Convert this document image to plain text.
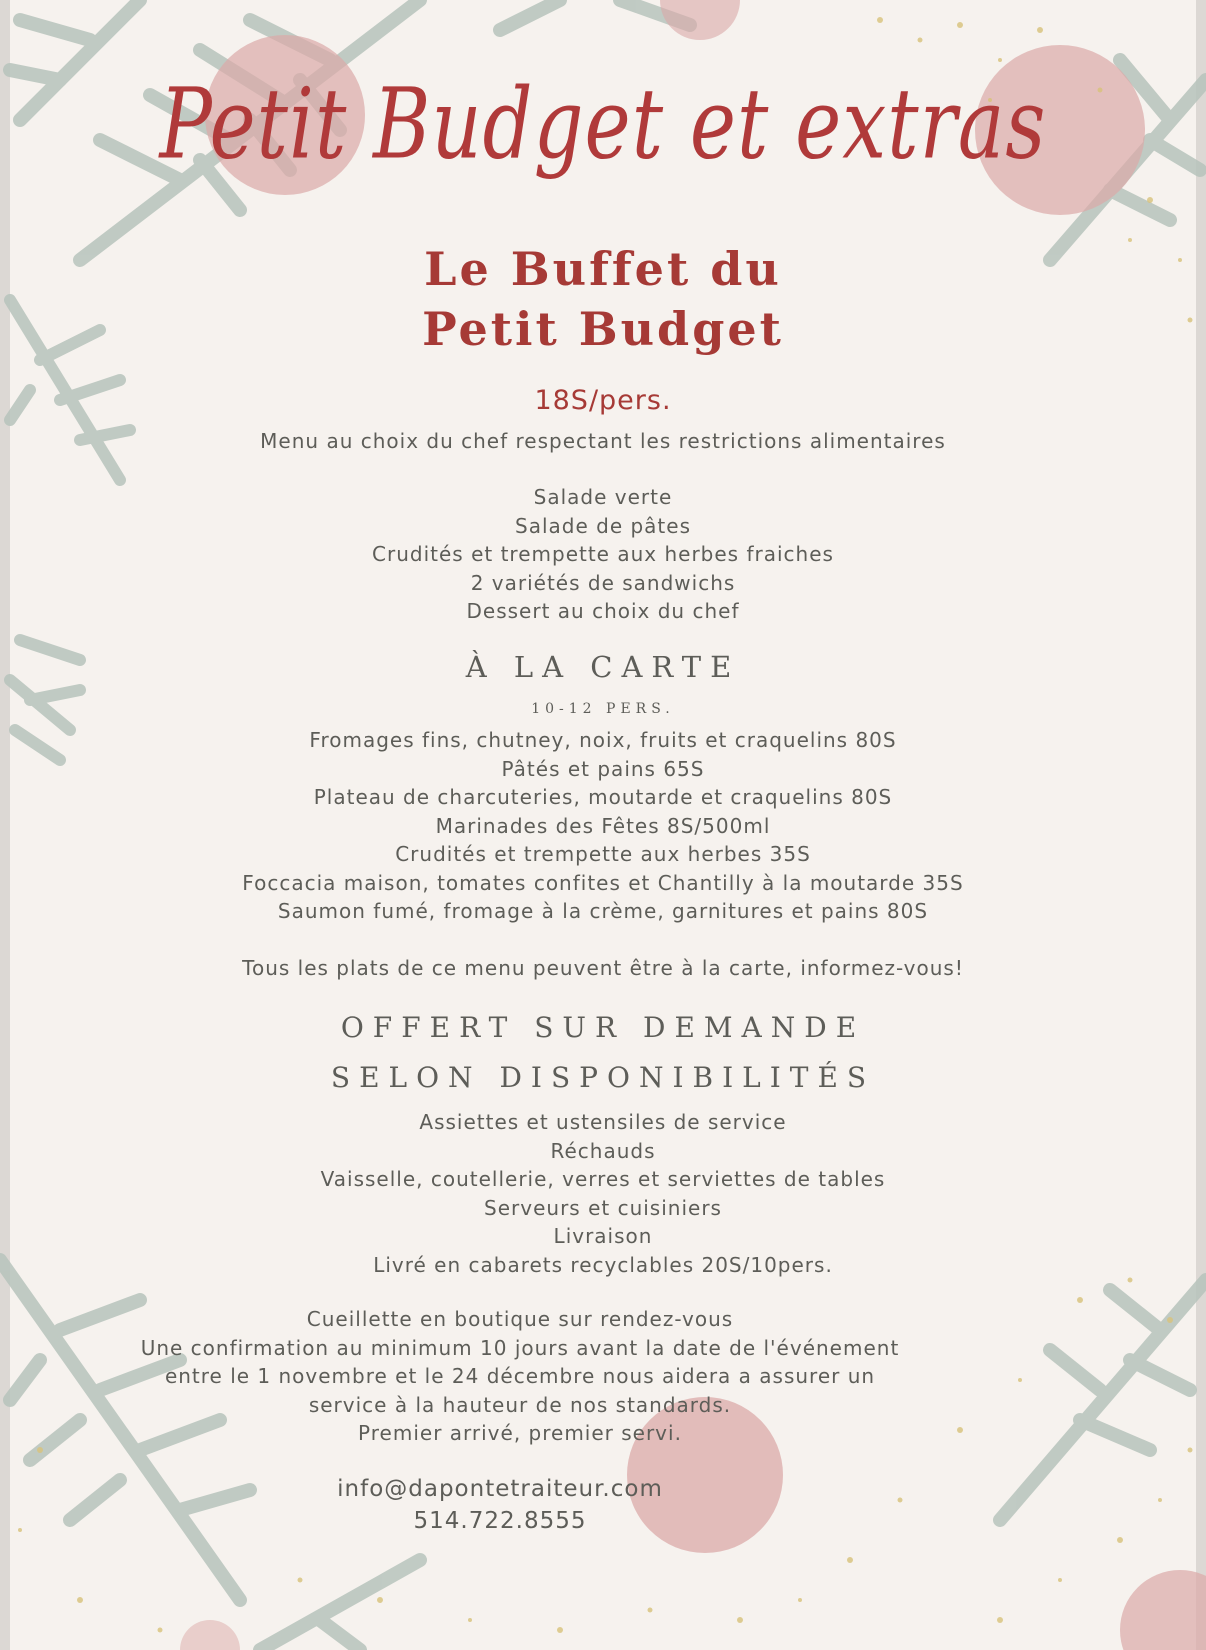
Petit Budget et extras
Le Buffet du
Petit Budget
18S/pers.
Menu au choix du chef respectant les restrictions alimentaires
Salade verte
Salade de pâtes
Crudités et trempette aux herbes fraiches
2 variétés de sandwichs
Dessert au choix du chef
À LA CARTE
10-12 PERS.
Fromages fins, chutney, noix, fruits et craquelins 80S
Pâtés et pains 65S
Plateau de charcuteries, moutarde et craquelins 80S
Marinades des Fêtes 8S/500ml
Crudités et trempette aux herbes 35S
Foccacia maison, tomates confites et Chantilly à la moutarde 35S
Saumon fumé, fromage à la crème, garnitures et pains 80S
Tous les plats de ce menu peuvent être à la carte, informez-vous!
OFFERT SUR DEMANDE
SELON DISPONIBILITÉS
Assiettes et ustensiles de service
Réchauds
Vaisselle, coutellerie, verres et serviettes de tables
Serveurs et cuisiniers
Livraison
Livré en cabarets recyclables 20S/10pers.
Cueillette en boutique sur rendez-vous
Une confirmation au minimum 10 jours avant la date de l'événement
entre le 1 novembre et le 24 décembre nous aidera a assurer un
service à la hauteur de nos standards.
Premier arrivé, premier servi.
info@dapontetraiteur.com
514.722.8555
